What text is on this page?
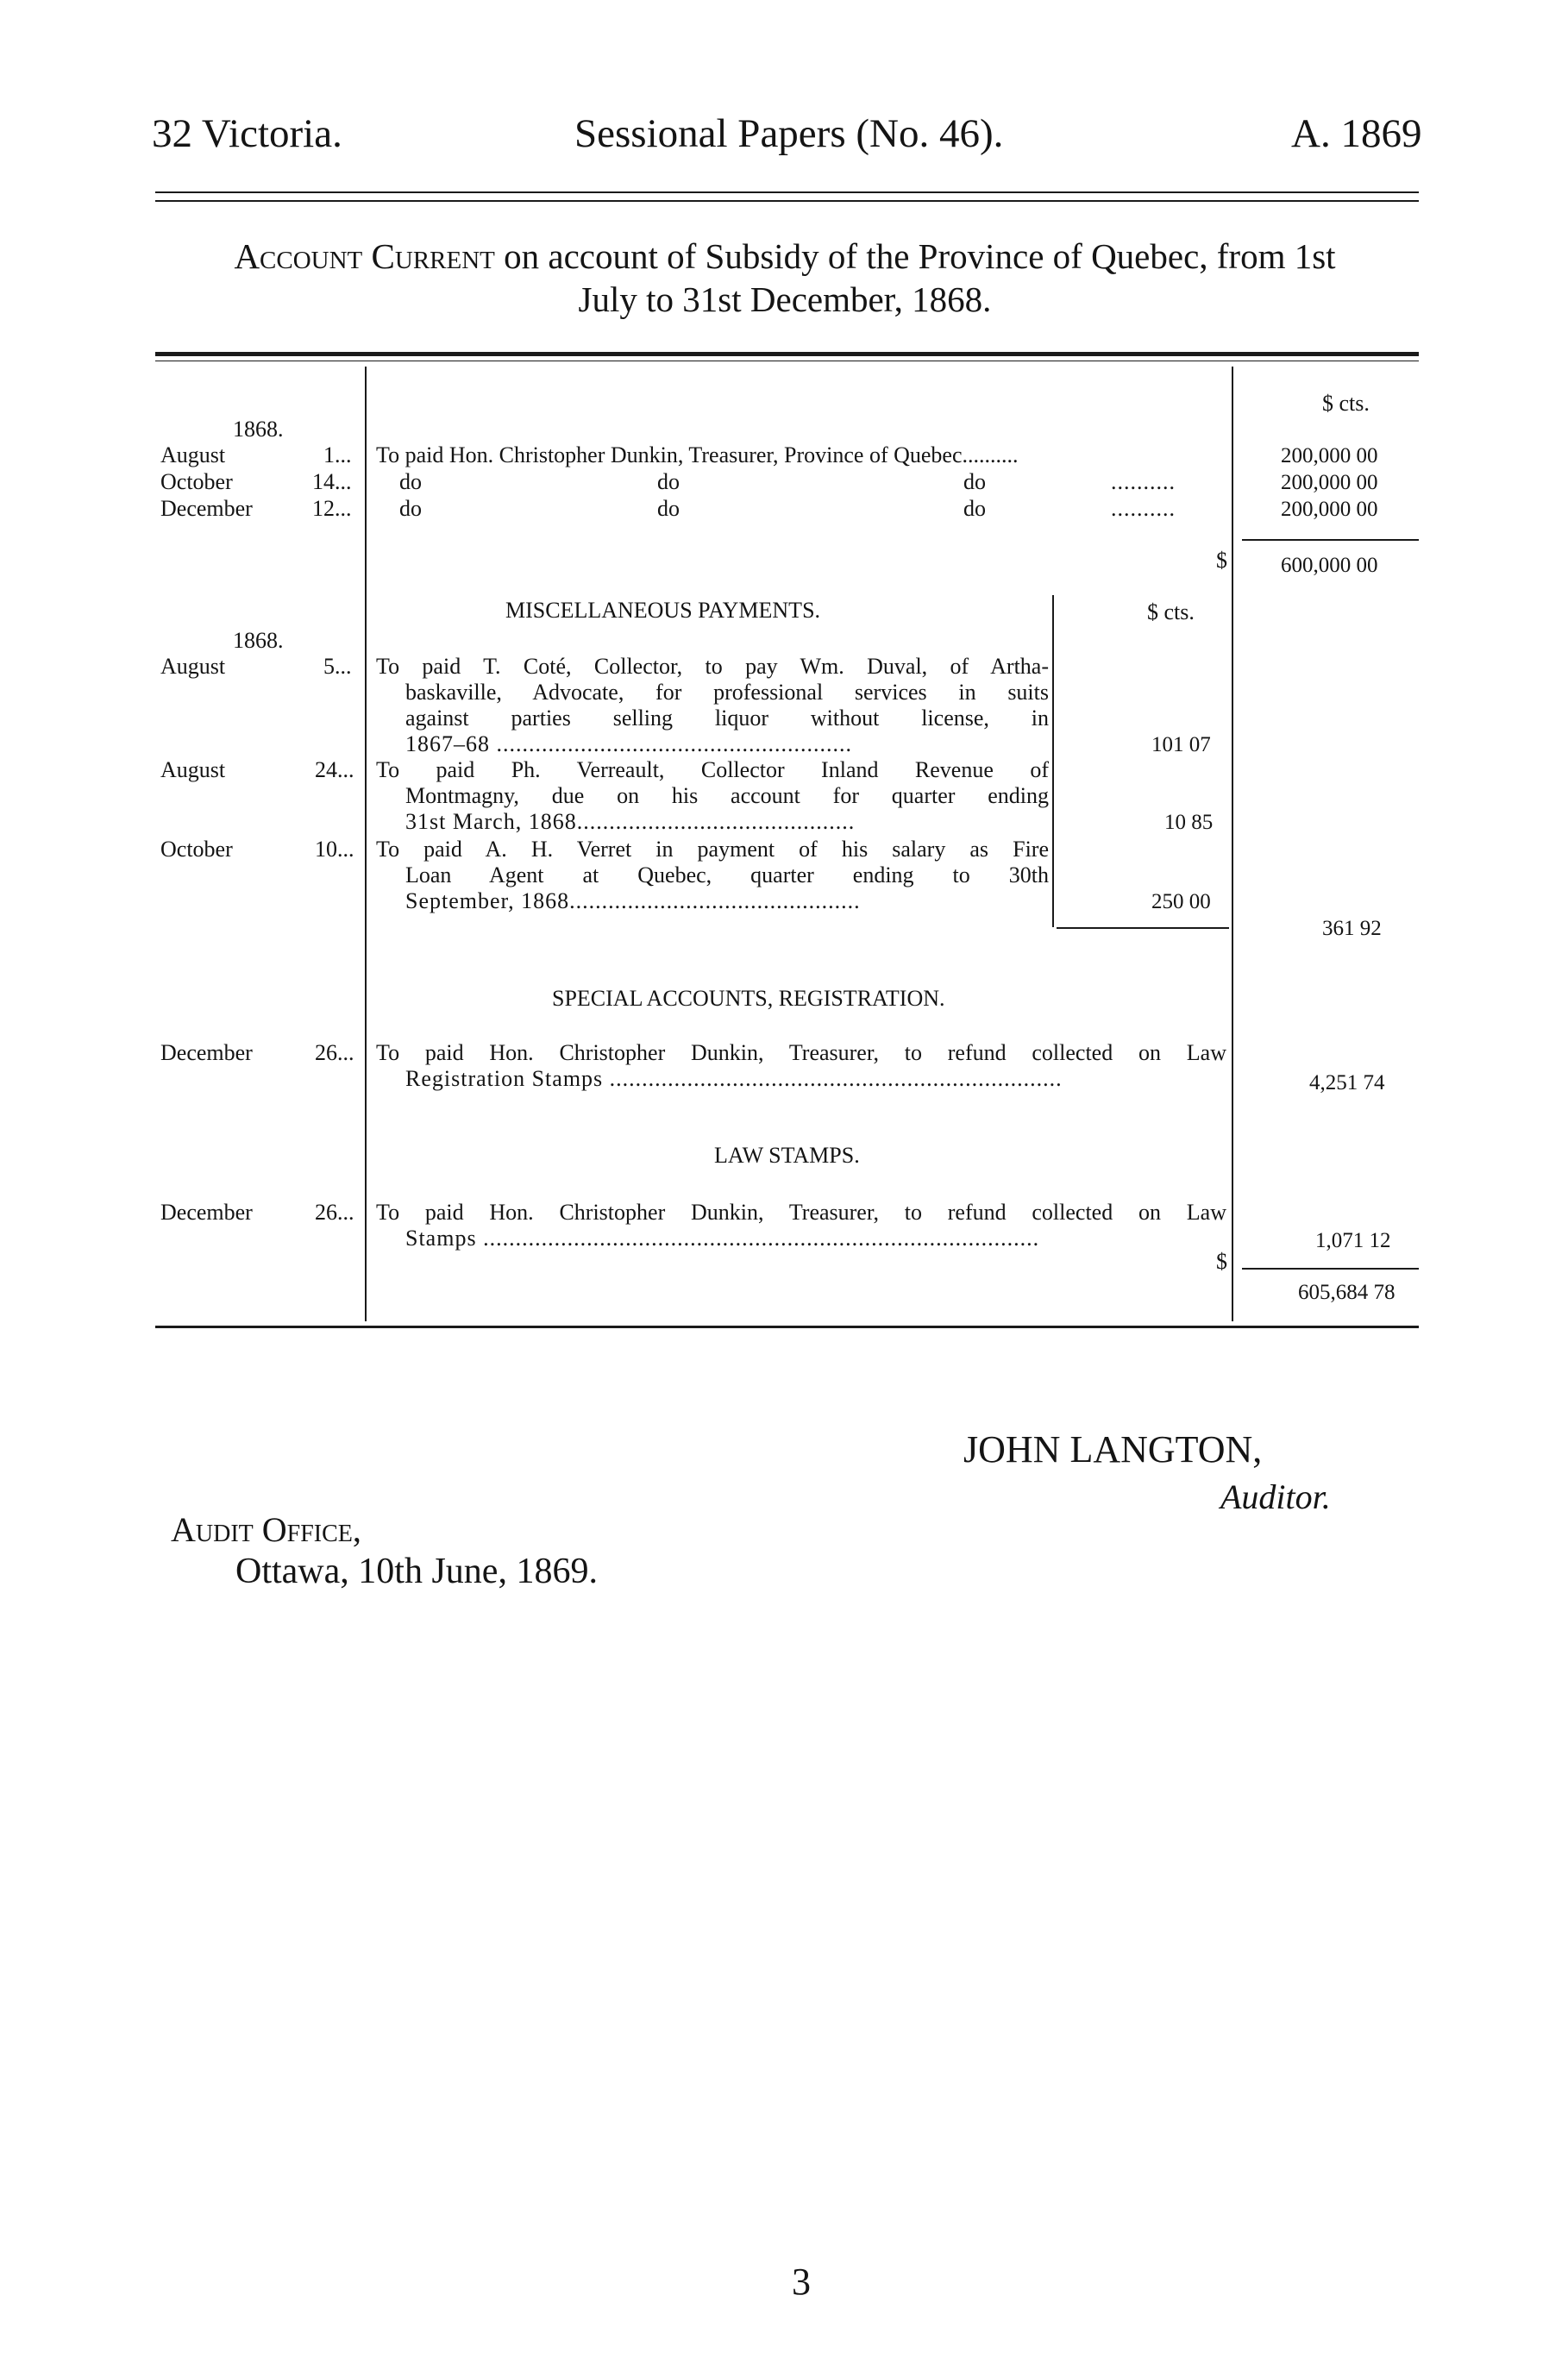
32 Victoria.	Sessional Papers (No. 46).	A. 1869
Account Current on account of Subsidy of the Province of Quebec, from 1st
July to 31st December, 1868.
$ cts.
1868.
August	1... To paid Hon. Christopher Dunkin, Treasurer, Province of Quebec..........	200,000 00
October	14... do	do	do	..........	200,000 00
December	12... do	do	do	..........	200,000 00
$ 600,000 00
MISCELLANEOUS PAYMENTS.	$ cts.
1868.
August	5... To paid T. Coté, Collector, to pay Wm. Duval, of Artha-
baskaville, Advocate, for professional services in suits
against parties selling liquor without license, in
1867–68 .......................................................	101 07
August	24... To paid Ph. Verreault, Collector Inland Revenue of
Montmagny, due on his account for quarter ending
31st March, 1868...........................................	10 85
October	10... To paid A. H. Verret in payment of his salary as Fire
Loan Agent at Quebec, quarter ending to 30th
September, 1868.............................................	250 00
361 92
SPECIAL ACCOUNTS, REGISTRATION.
December	26... To paid Hon. Christopher Dunkin, Treasurer, to refund collected on Law
Registration Stamps ......................................................................	4,251 74
LAW STAMPS.
December	26... To paid Hon. Christopher Dunkin, Treasurer, to refund collected on Law
Stamps ......................................................................................	1,071 12
$
605,684 78
JOHN LANGTON,
Auditor.
Audit Office,
Ottawa, 10th June, 1869.
3
